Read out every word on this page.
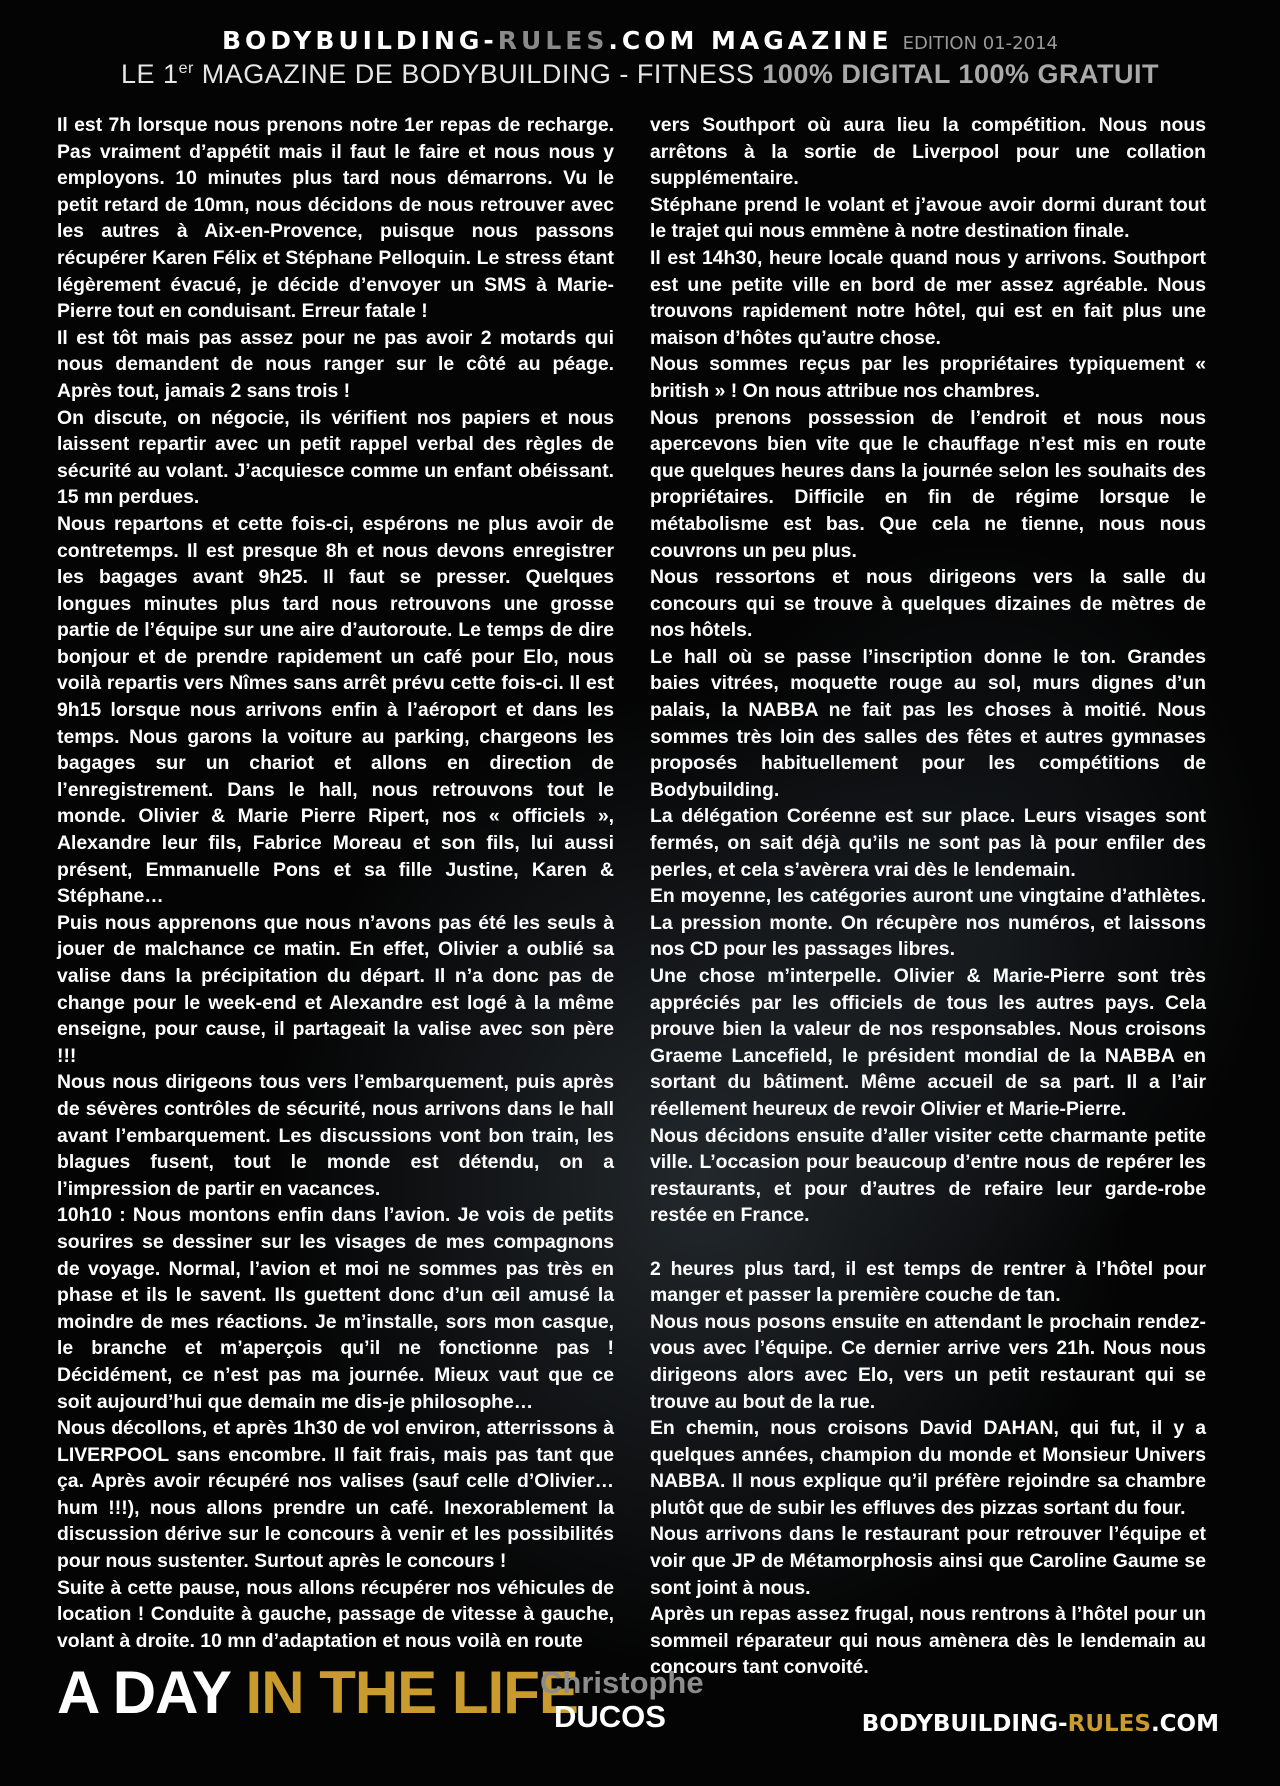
BODYBUILDING-RULES.COM MAGAZINE EDITION 01-2014
LE 1er MAGAZINE DE BODYBUILDING - FITNESS 100% DIGITAL 100% GRATUIT

Il est 7h lorsque nous prenons notre 1er repas de recharge. Pas vraiment d’appétit mais il faut le faire et nous nous y employons. 10 minutes plus tard nous démarrons. Vu le petit retard de 10mn, nous décidons de nous retrouver avec les autres à Aix-en-Provence, puisque nous passons récupérer Karen Félix et Stéphane Pelloquin. Le stress étant légèrement évacué, je décide d’envoyer un SMS à Marie-Pierre tout en conduisant. Erreur fatale !

Il est tôt mais pas assez pour ne pas avoir 2 motards qui nous demandent de nous ranger sur le côté au péage. Après tout, jamais 2 sans trois !

On discute, on négocie, ils vérifient nos papiers et nous laissent repartir avec un petit rappel verbal des règles de sécurité au volant. J’acquiesce comme un enfant obéissant. 15 mn perdues.

Nous repartons et cette fois-ci, espérons ne plus avoir de contretemps. Il est presque 8h et nous devons enregistrer les bagages avant 9h25. Il faut se presser. Quelques longues minutes plus tard nous retrouvons une grosse partie de l’équipe sur une aire d’autoroute. Le temps de dire bonjour et de prendre rapidement un café pour Elo, nous voilà repartis vers Nîmes sans arrêt prévu cette fois-ci. Il est 9h15 lorsque nous arrivons enfin à l’aéroport et dans les temps. Nous garons la voiture au parking, chargeons les bagages sur un chariot et allons en direction de l’enregistrement. Dans le hall, nous retrouvons tout le monde. Olivier & Marie Pierre Ripert, nos « officiels », Alexandre leur fils, Fabrice Moreau et son fils, lui aussi présent, Emmanuelle Pons et sa fille Justine, Karen & Stéphane…

Puis nous apprenons que nous n’avons pas été les seuls à jouer de malchance ce matin. En effet, Olivier a oublié sa valise dans la précipitation du départ. Il n’a donc pas de change pour le week-end et Alexandre est logé à la même enseigne, pour cause, il partageait la valise avec son père !!!

Nous nous dirigeons tous vers l’embarquement, puis après de sévères contrôles de sécurité, nous arrivons dans le hall avant l’embarquement. Les discussions vont bon train, les blagues fusent, tout le monde est détendu, on a l’impression de partir en vacances.

10h10 : Nous montons enfin dans l’avion. Je vois de petits sourires se dessiner sur les visages de mes compagnons de voyage. Normal, l’avion et moi ne sommes pas très en phase et ils le savent. Ils guettent donc d’un œil amusé la moindre de mes réactions. Je m’installe, sors mon casque, le branche et m’aperçois qu’il ne fonctionne pas ! Décidément, ce n’est pas ma journée. Mieux vaut que ce soit aujourd’hui que demain me dis-je philosophe…

Nous décollons, et après 1h30 de vol environ, atterrissons à LIVERPOOL sans encombre. Il fait frais, mais pas tant que ça. Après avoir récupéré nos valises (sauf celle d’Olivier…hum !!!), nous allons prendre un café. Inexorablement la discussion dérive sur le concours à venir et les possibilités pour nous sustenter. Surtout après le concours !

Suite à cette pause, nous allons récupérer nos véhicules de location ! Conduite à gauche, passage de vitesse à gauche, volant à droite. 10 mn d’adaptation et nous voilà en route

vers Southport où aura lieu la compétition. Nous nous arrêtons à la sortie de Liverpool pour une collation supplémentaire.

Stéphane prend le volant et j’avoue avoir dormi durant tout le trajet qui nous emmène à notre destination finale.

Il est 14h30, heure locale quand nous y arrivons. Southport est une petite ville en bord de mer assez agréable. Nous trouvons rapidement notre hôtel, qui est en fait plus une maison d’hôtes qu’autre chose.

Nous sommes reçus par les propriétaires typiquement « british » ! On nous attribue nos chambres.

Nous prenons possession de l’endroit et nous nous apercevons bien vite que le chauffage n’est mis en route que quelques heures dans la journée selon les souhaits des propriétaires. Difficile en fin de régime lorsque le métabolisme est bas. Que cela ne tienne, nous nous couvrons un peu plus.

Nous ressortons et nous dirigeons vers la salle du concours qui se trouve à quelques dizaines de mètres de nos hôtels.

Le hall où se passe l’inscription donne le ton. Grandes baies vitrées, moquette rouge au sol, murs dignes d’un palais, la NABBA ne fait pas les choses à moitié. Nous sommes très loin des salles des fêtes et autres gymnases proposés habituellement pour les compétitions de Bodybuilding.

La délégation Coréenne est sur place. Leurs visages sont fermés, on sait déjà qu’ils ne sont pas là pour enfiler des perles, et cela s’avèrera vrai dès le lendemain.

En moyenne, les catégories auront une vingtaine d’athlètes. La pression monte. On récupère nos numéros, et laissons nos CD pour les passages libres.

Une chose m’interpelle. Olivier & Marie-Pierre sont très appréciés par les officiels de tous les autres pays. Cela prouve bien la valeur de nos responsables. Nous croisons Graeme Lancefield, le président mondial de la NABBA en sortant du bâtiment. Même accueil de sa part. Il a l’air réellement heureux de revoir Olivier et Marie-Pierre.

Nous décidons ensuite d’aller visiter cette charmante petite ville. L’occasion pour beaucoup d’entre nous de repérer les restaurants, et pour d’autres de refaire leur garde-robe restée en France.

2 heures plus tard, il est temps de rentrer à l’hôtel pour manger et passer la première couche de tan.

Nous nous posons ensuite en attendant le prochain rendez-vous avec l’équipe. Ce dernier arrive vers 21h. Nous nous dirigeons alors avec Elo, vers un petit restaurant qui se trouve au bout de la rue.

En chemin, nous croisons David DAHAN, qui fut, il y a quelques années, champion du monde et Monsieur Univers NABBA. Il nous explique qu’il préfère rejoindre sa chambre plutôt que de subir les effluves des pizzas sortant du four.

Nous arrivons dans le restaurant pour retrouver l’équipe et voir que JP de Métamorphosis ainsi que Caroline Gaume se sont joint à nous.

Après un repas assez frugal, nous rentrons à l’hôtel pour un sommeil réparateur qui nous amènera dès le lendemain au concours tant convoité.

A DAY IN THE LIFE
Christophe
DUCOS	BODYBUILDING-RULES.COM
